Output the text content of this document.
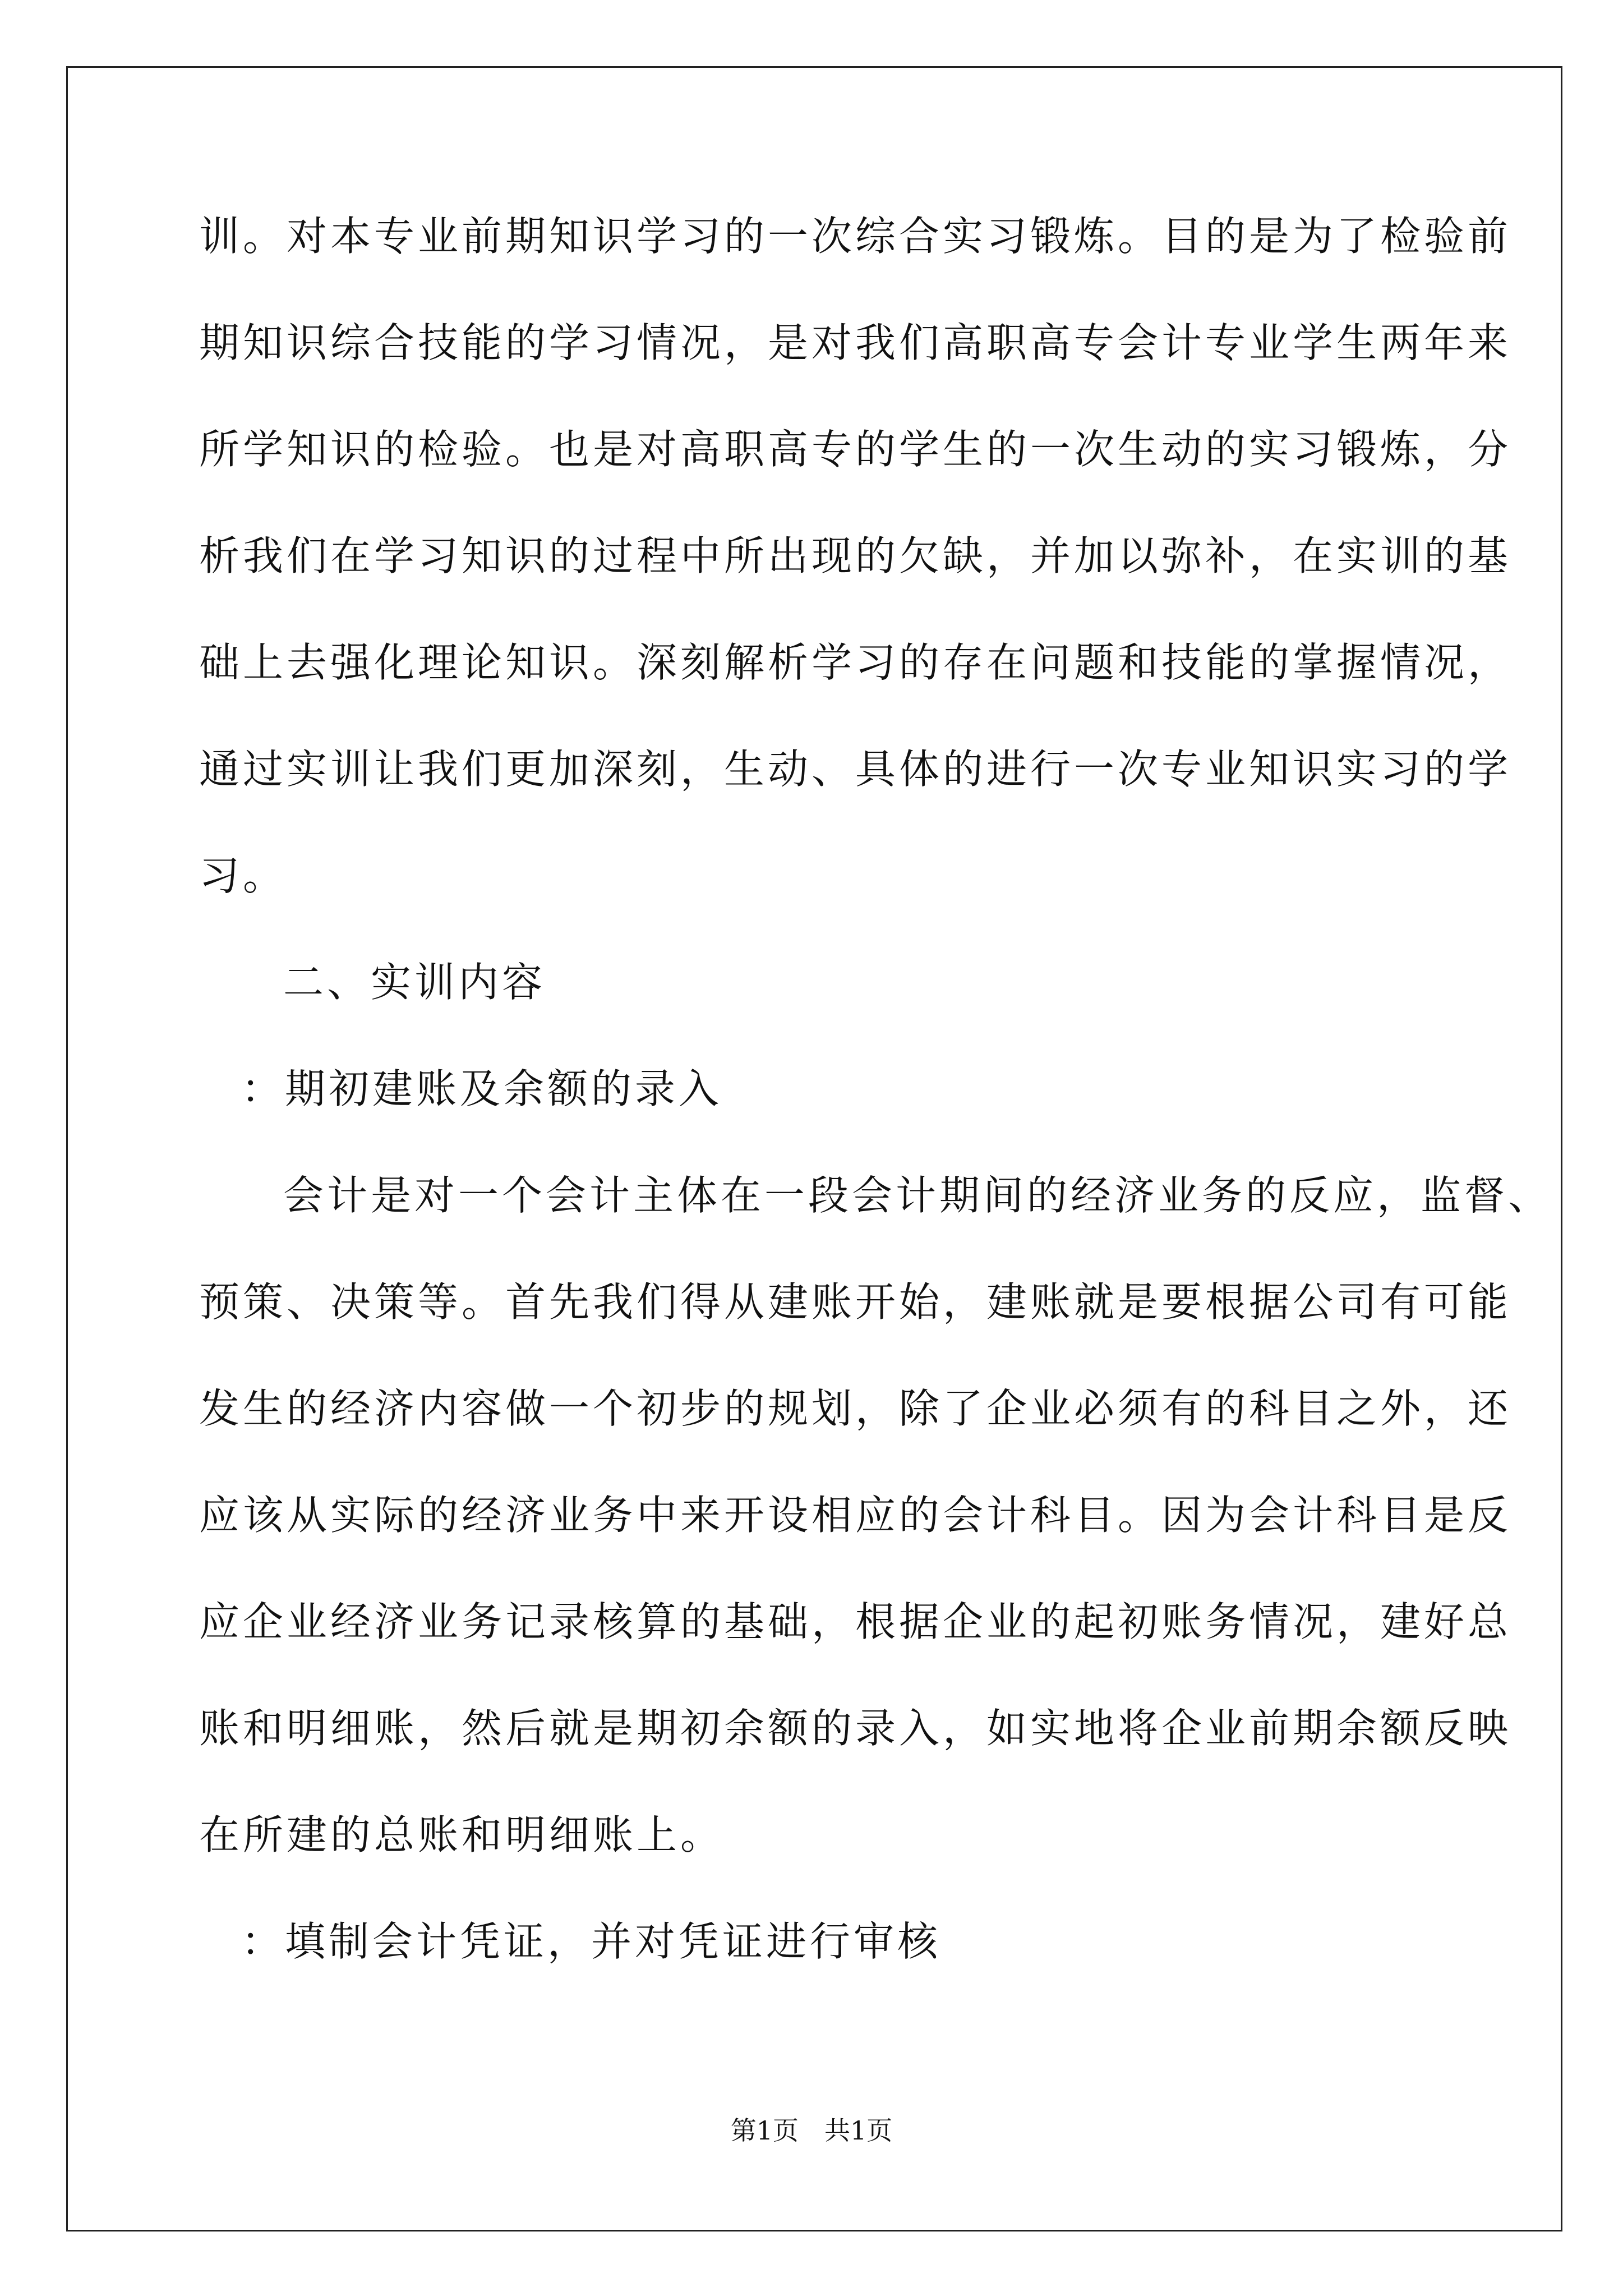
训。对本专业前期知识学习的一次综合实习锻炼。目的是为了检验前
期知识综合技能的学习情况，是对我们高职高专会计专业学生两年来
所学知识的检验。也是对高职高专的学生的一次生动的实习锻炼，分
析我们在学习知识的过程中所出现的欠缺，并加以弥补，在实训的基
础上去强化理论知识。深刻解析学习的存在问题和技能的掌握情况，
通过实训让我们更加深刻，生动、具体的进行一次专业知识实习的学
习。
二、实训内容
：期初建账及余额的录入
会计是对一个会计主体在一段会计期间的经济业务的反应，监督、
预策、决策等。首先我们得从建账开始，建账就是要根据公司有可能
发生的经济内容做一个初步的规划，除了企业必须有的科目之外，还
应该从实际的经济业务中来开设相应的会计科目。因为会计科目是反
应企业经济业务记录核算的基础，根据企业的起初账务情况，建好总
账和明细账，然后就是期初余额的录入，如实地将企业前期余额反映
在所建的总账和明细账上。
：填制会计凭证，并对凭证进行审核
第1页　共1页
